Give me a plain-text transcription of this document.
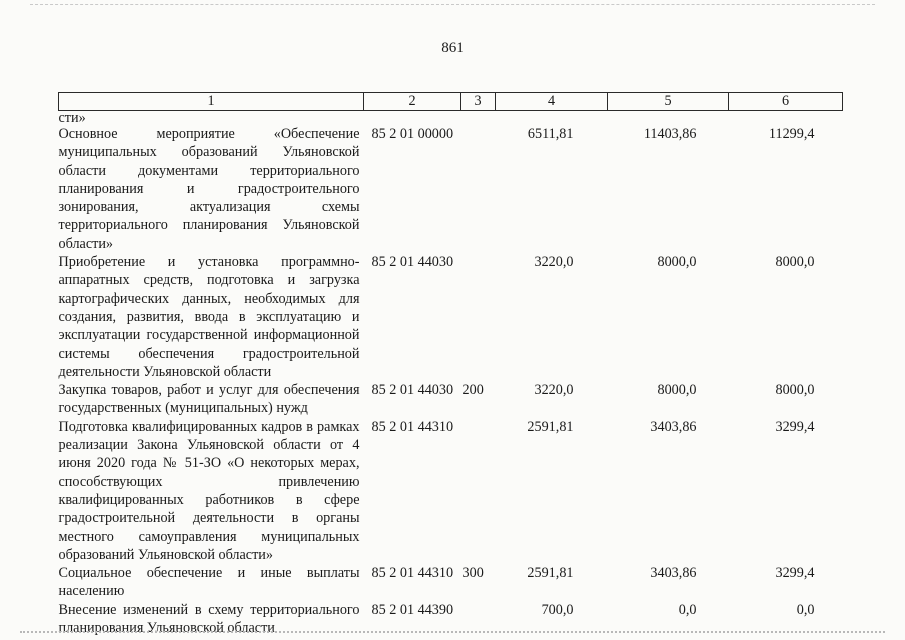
861
1	2	3	4	5	6
сти»					
Основное мероприятие «Обеспечение муниципальных образований Ульяновской области документами территориального планирования и градостроительного зонирования, актуализация схемы территориального планирования Ульяновской области»	85 2 01 00000		6511,81	11403,86	11299,4
Приобретение и установка программно-аппаратных средств, подготовка и загрузка картографических данных, необходимых для создания, развития, ввода в эксплуатацию и эксплуатации государственной информационной системы обеспечения градостроительной деятельности Ульяновской области	85 2 01 44030		3220,0	8000,0	8000,0
Закупка товаров, работ и услуг для обеспечения государственных (муниципальных) нужд	85 2 01 44030	200	3220,0	8000,0	8000,0
Подготовка квалифицированных кадров в рамках реализации Закона Ульяновской области от 4 июня 2020 года № 51-ЗО «О некоторых мерах, способствующих привлечению квалифицированных работников в сфере градостроительной деятельности в органы местного самоуправления муниципальных образований Ульяновской области»	85 2 01 44310		2591,81	3403,86	3299,4
Социальное обеспечение и иные выплаты населению	85 2 01 44310	300	2591,81	3403,86	3299,4
Внесение изменений в схему территориального планирования Ульяновской области	85 2 01 44390		700,0	0,0	0,0
